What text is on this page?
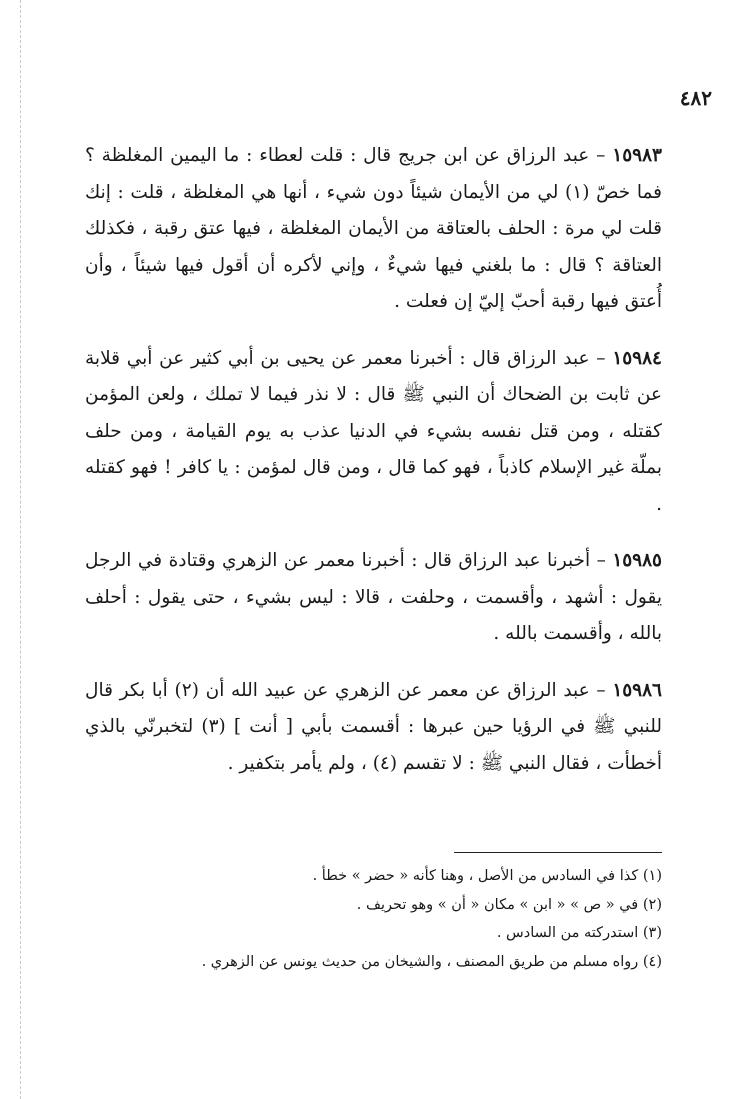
٤٨٢

١٥٩٨٣ – عبد الرزاق عن ابن جريج قال : قلت لعطاء : ما اليمين المغلظة ؟ فما خصّ (١) لي من الأيمان شيئاً دون شيء ، أنها هي المغلظة ، قلت : إنك قلت لي مرة : الحلف بالعتاقة من الأيمان المغلظة ، فيها عتق رقبة ، فكذلك العتاقة ؟ قال : ما بلغني فيها شيءٌ ، وإني لأكره أن أقول فيها شيئاً ، وأن أُعتق فيها رقبة أحبّ إليّ إن فعلت .

١٥٩٨٤ – عبد الرزاق قال : أخبرنا معمر عن يحيى بن أبي كثير عن أبي قلابة عن ثابت بن الضحاك أن النبي ﷺ قال : لا نذر فيما لا تملك ، ولعن المؤمن كقتله ، ومن قتل نفسه بشيء في الدنيا عذب به يوم القيامة ، ومن حلف بملّة غير الإسلام كاذباً ، فهو كما قال ، ومن قال لمؤمن : يا كافر ! فهو كقتله .

١٥٩٨٥ – أخبرنا عبد الرزاق قال : أخبرنا معمر عن الزهري وقتادة في الرجل يقول : أشهد ، وأقسمت ، وحلفت ، قالا : ليس بشيء ، حتى يقول : أحلف بالله ، وأقسمت بالله .

١٥٩٨٦ – عبد الرزاق عن معمر عن الزهري عن عبيد الله أن (٢) أبا بكر قال للنبي ﷺ في الرؤيا حين عبرها : أقسمت بأبي [ أنت ] (٣) لتخبرنّي بالذي أخطأت ، فقال النبي ﷺ : لا تقسم (٤) ، ولم يأمر بتكفير .

(١) كذا في السادس من الأصل ، وهنا كأنه « حضر » خطأ .
(٢) في « ص » « ابن » مكان « أن » وهو تحريف .
(٣) استدركته من السادس .
(٤) رواه مسلم من طريق المصنف ، والشيخان من حديث يونس عن الزهري .
